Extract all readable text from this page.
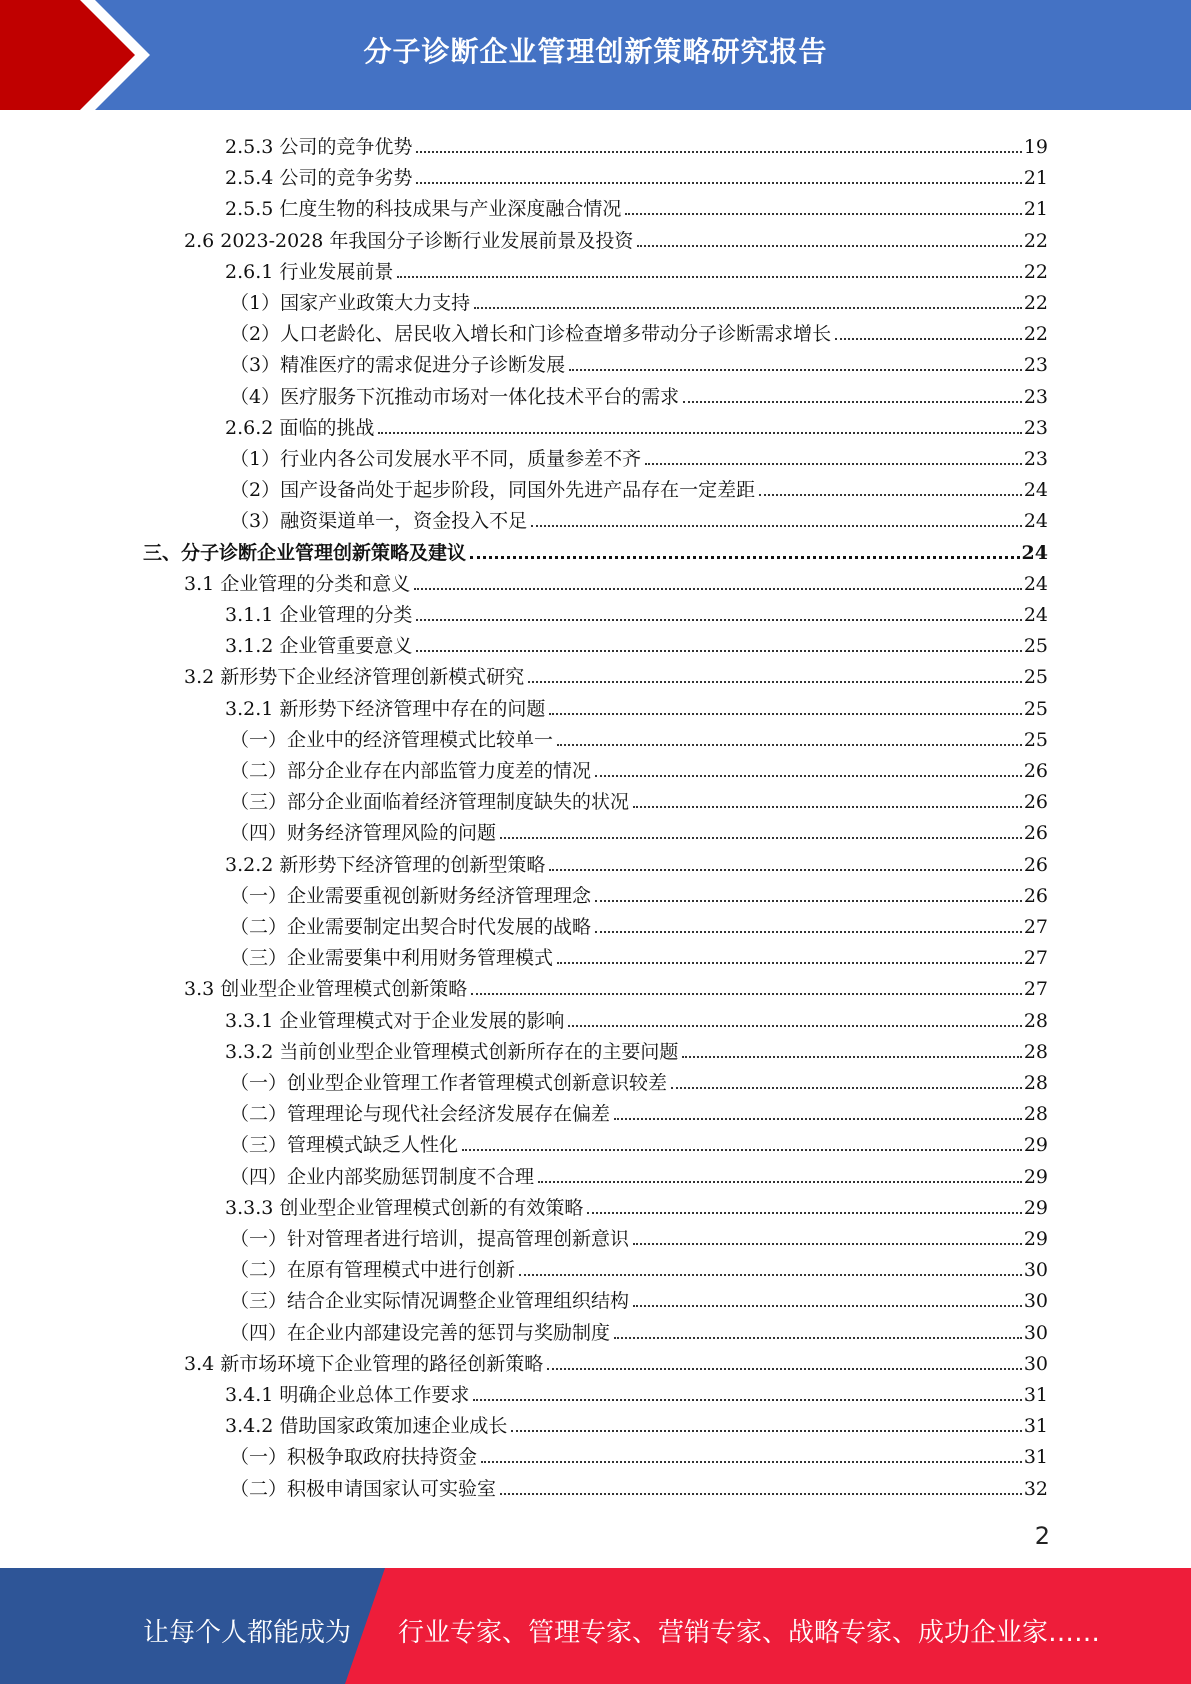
分子诊断企业管理创新策略研究报告
2.5.3 公司的竞争优势	19
2.5.4 公司的竞争劣势	21
2.5.5 仁度生物的科技成果与产业深度融合情况	21
2.6 2023-2028 年我国分子诊断行业发展前景及投资	22
2.6.1 行业发展前景	22
（1）国家产业政策大力支持	22
（2）人口老龄化、居民收入增长和门诊检查增多带动分子诊断需求增长	22
（3）精准医疗的需求促进分子诊断发展	23
（4）医疗服务下沉推动市场对一体化技术平台的需求	23
2.6.2 面临的挑战	23
（1）行业内各公司发展水平不同，质量参差不齐	23
（2）国产设备尚处于起步阶段，同国外先进产品存在一定差距	24
（3）融资渠道单一，资金投入不足	24
三、分子诊断企业管理创新策略及建议	24
3.1 企业管理的分类和意义	24
3.1.1 企业管理的分类	24
3.1.2 企业管重要意义	25
3.2 新形势下企业经济管理创新模式研究	25
3.2.1 新形势下经济管理中存在的问题	25
（一）企业中的经济管理模式比较单一	25
（二）部分企业存在内部监管力度差的情况	26
（三）部分企业面临着经济管理制度缺失的状况	26
（四）财务经济管理风险的问题	26
3.2.2 新形势下经济管理的创新型策略	26
（一）企业需要重视创新财务经济管理理念	26
（二）企业需要制定出契合时代发展的战略	27
（三）企业需要集中利用财务管理模式	27
3.3 创业型企业管理模式创新策略	27
3.3.1 企业管理模式对于企业发展的影响	28
3.3.2 当前创业型企业管理模式创新所存在的主要问题	28
（一）创业型企业管理工作者管理模式创新意识较差	28
（二）管理理论与现代社会经济发展存在偏差	28
（三）管理模式缺乏人性化	29
（四）企业内部奖励惩罚制度不合理	29
3.3.3 创业型企业管理模式创新的有效策略	29
（一）针对管理者进行培训，提高管理创新意识	29
（二）在原有管理模式中进行创新	30
（三）结合企业实际情况调整企业管理组织结构	30
（四）在企业内部建设完善的惩罚与奖励制度	30
3.4 新市场环境下企业管理的路径创新策略	30
3.4.1 明确企业总体工作要求	31
3.4.2 借助国家政策加速企业成长	31
（一）积极争取政府扶持资金	31
（二）积极申请国家认可实验室	32
2
让每个人都能成为 行业专家、管理专家、营销专家、战略专家、成功企业家……
